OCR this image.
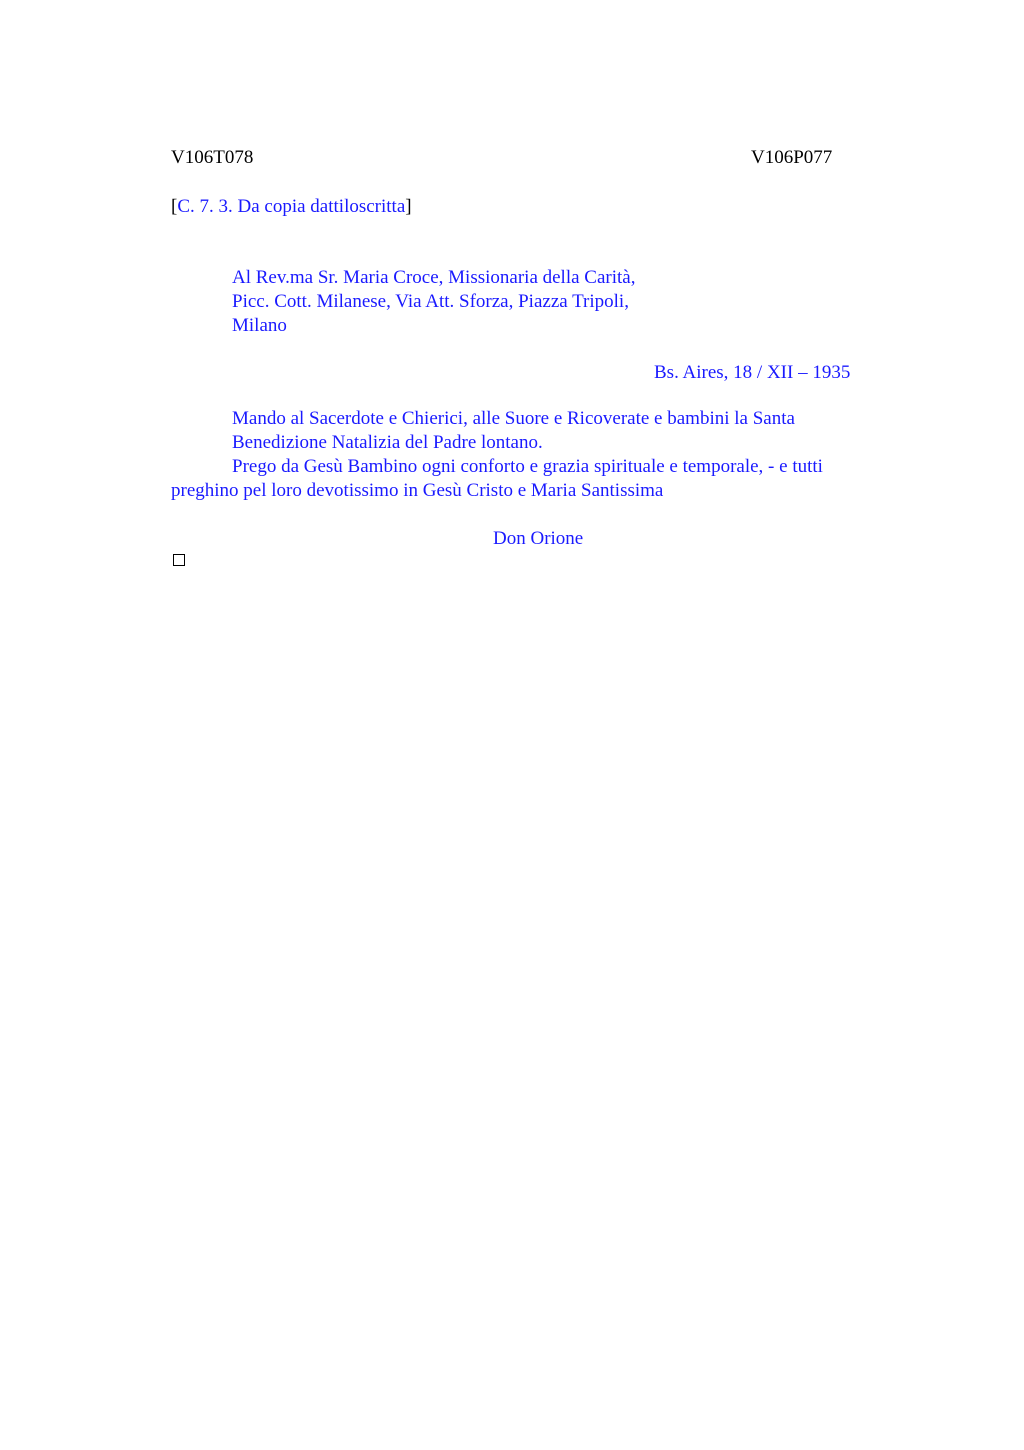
V106T078	V106P077
[C. 7. 3. Da copia dattiloscritta]
Al Rev.ma Sr. Maria Croce, Missionaria della Carità,
Picc. Cott. Milanese, Via Att. Sforza, Piazza Tripoli,
Milano
Bs. Aires, 18 / XII – 1935
Mando al Sacerdote e Chierici, alle Suore e Ricoverate e bambini la Santa
Benedizione Natalizia del Padre lontano.
Prego da Gesù Bambino ogni conforto e grazia spirituale e temporale, - e tutti
preghino pel loro devotissimo in Gesù Cristo e Maria Santissima
Don Orione
